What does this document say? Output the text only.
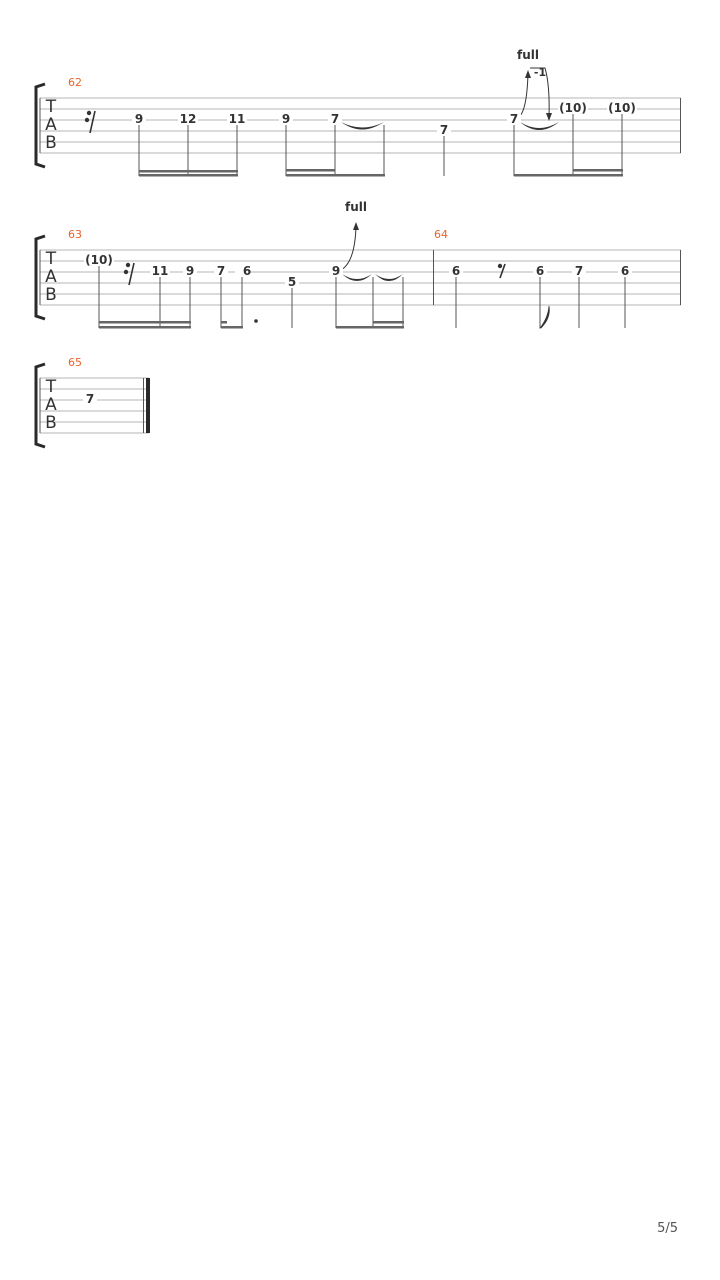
T
A
B
62
full
-1
9	12	11	9	7
7
7
(10) (10)
T
A
B
63	64
full
(10)
11 9 7 6
5
9	6	6	7	6
T
A
B
65
7
5/5
